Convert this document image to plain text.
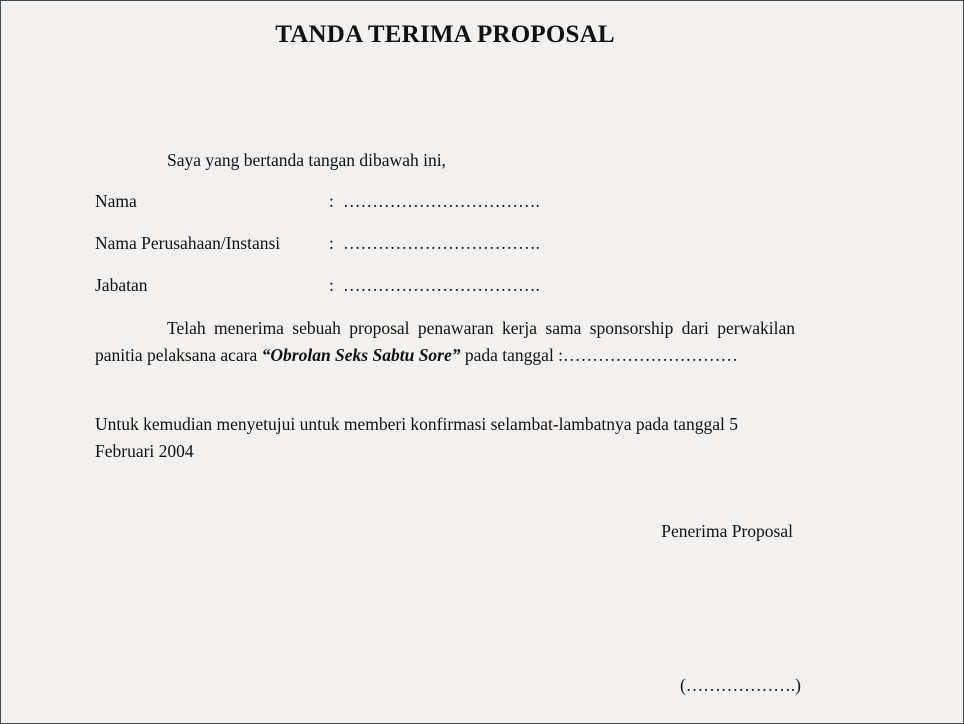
TANDA TERIMA PROPOSAL
Saya yang bertanda tangan dibawah ini,
Nama	: …………………………….
Nama Perusahaan/Instansi	: …………………………….
Jabatan	: …………………………….
Telah menerima sebuah proposal penawaran kerja sama sponsorship dari perwakilan panitia pelaksana acara “Obrolan Seks Sabtu Sore” pada tanggal :…………………………
Untuk kemudian menyetujui untuk memberi konfirmasi selambat-lambatnya pada tanggal 5 Februari 2004
Penerima Proposal
(……………….)
